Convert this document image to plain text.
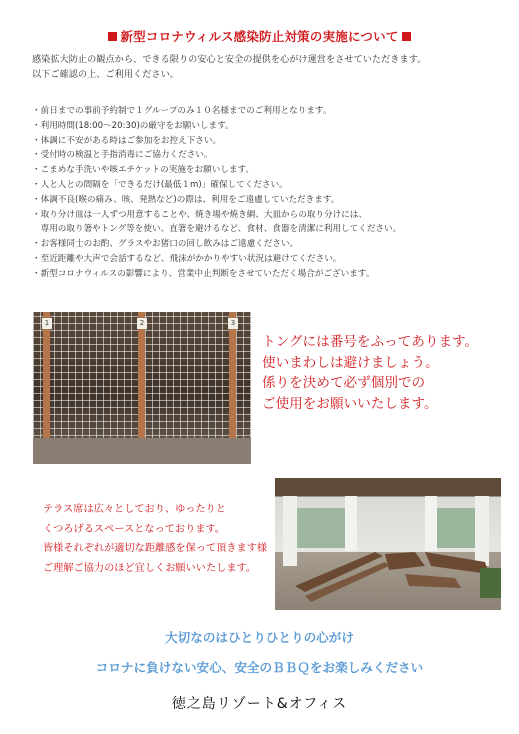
新型コロナウィルス感染防止対策の実施について
感染拡大防止の観点から、できる限りの安心と安全の提供を心がけ運営をさせていただきます。
以下ご確認の上、ご利用ください。
・前日までの事前予約制で１グループのみ１０名様までのご利用となります。
・利用時間(18:00～20:30)の厳守をお願いします。
・体調に不安がある時はご参加をお控え下さい。
・受付時の検温と手指消毒にご協力ください。
・こまめな手洗いや咳エチケットの実施をお願いします。
・人と人との間隔を「できるだけ(最低１m)」確保してください。
・体調不良(喉の痛み、咳、発熱など)の際は、利用をご遠慮していただきます。
・取り分け皿は一人ずつ用意することや、焼き場や焼き網、大皿からの取り分けには、
　専用の取り箸やトング等を使い、直箸を避けるなど、食材、食器を清潔に利用してください。
・お客様同士のお酌、グラスやお猪口の回し飲みはご遠慮ください。
・至近距離や大声で会話するなど、飛沫がかかりやすい状況は避けてください。
・新型コロナウィルスの影響により、営業中止判断をさせていただく場合がございます。
1	2	3
トングには番号をふってあります。
使いまわしは避けましょう。
係りを決めて必ず個別での
ご使用をお願いいたします。
テラス席は広々としており、ゆったりと
くつろげるスペースとなっております。
皆様それぞれが適切な距離感を保って頂きます様
ご理解ご協力のほど宜しくお願いいたします。
大切なのはひとりひとりの心がけ
コロナに負けない安心、安全のＢＢＱをお楽しみください
徳之島リゾート&オフィス
